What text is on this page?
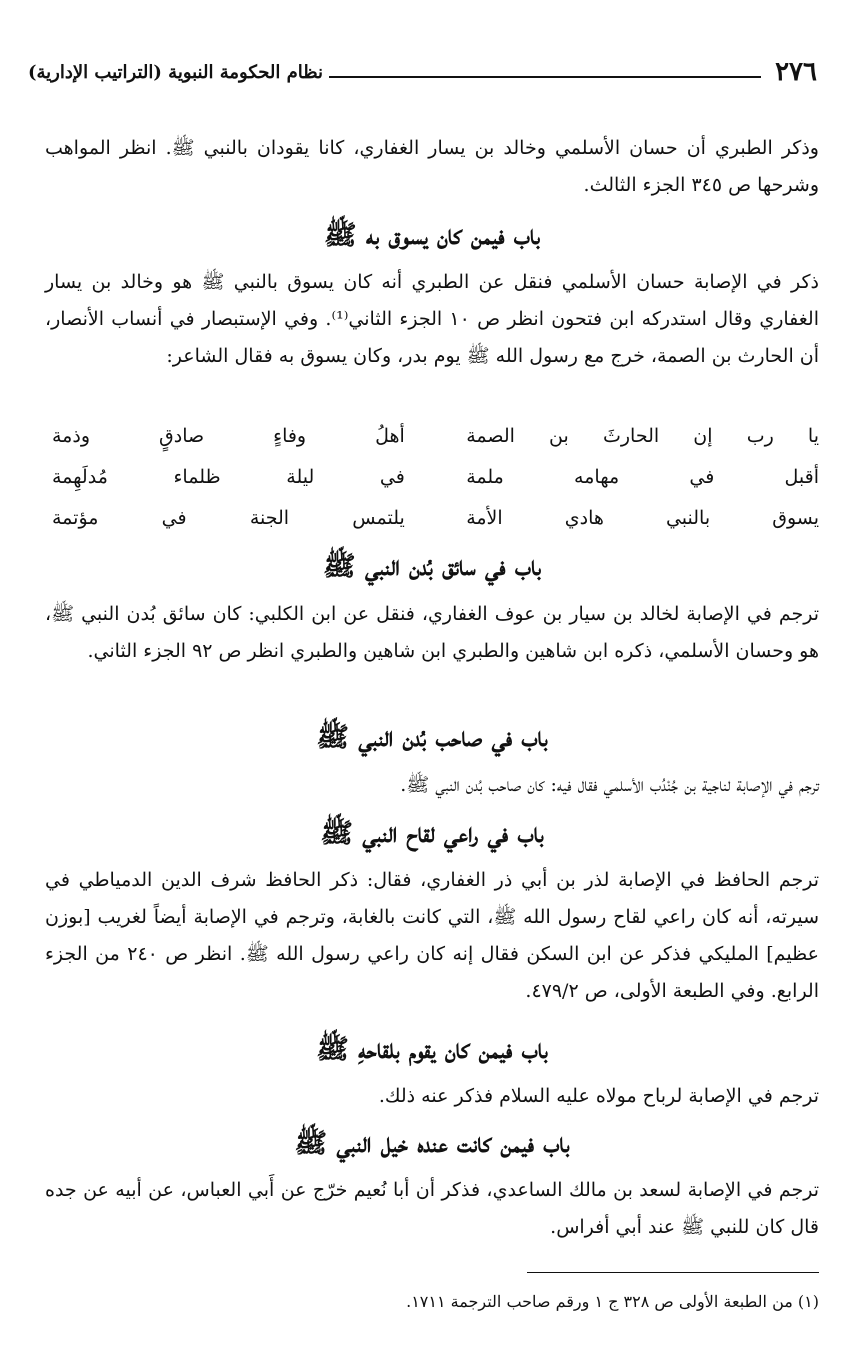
٢٧٦
نظام الحكومة النبوية (التراتيب الإدارية)

وذكر الطبري أن حسان الأسلمي وخالد بن يسار الغفاري، كانا يقودان بالنبي ﷺ. انظر المواهب وشرحها ص ٣٤٥ الجزء الثالث.

باب فيمن كان يسوق به ﷺ

ذكر في الإصابة حسان الأسلمي فنقل عن الطبري أنه كان يسوق بالنبي ﷺ هو وخالد بن يسار الغفاري وقال استدركه ابن فتحون انظر ص ١٠ الجزء الثاني⁽¹⁾. وفي الإستبصار في أنساب الأنصار، أن الحارث بن الصمة، خرج مع رسول الله ﷺ يوم بدر، وكان يسوق به فقال الشاعر:

يا رب إن الحارثَ بن الصمة
أهلُ وفاءٍ صادقٍ وذمة
أقبل في مهامه ملمة
في ليلة ظلماء مُدلَهِمة
يسوق بالنبي هادي الأمة
يلتمس الجنة في مؤتمة
باب في سائق بُدن النبي ﷺ

ترجم في الإصابة لخالد بن سيار بن عوف الغفاري، فنقل عن ابن الكلبي: كان سائق بُدن النبي ﷺ، هو وحسان الأسلمي، ذكره ابن شاهين والطبري ابن شاهين والطبري انظر ص ٩٢ الجزء الثاني.

باب في صاحب بُدن النبي ﷺ

ترجم في الإصابة لناجية بن جُنْدُب الأسلمي فقال فيه: كان صاحب بُدن النبي ﷺ.

باب في راعي لقاح النبي ﷺ

ترجم الحافظ في الإصابة لذر بن أبي ذر الغفاري، فقال: ذكر الحافظ شرف الدين الدمياطي في سيرته، أنه كان راعي لقاح رسول الله ﷺ، التي كانت بالغابة، وترجم في الإصابة أيضاً لغريب [بوزن عظيم] المليكي فذكر عن ابن السكن فقال إنه كان راعي رسول الله ﷺ. انظر ص ٢٤٠ من الجزء الرابع. وفي الطبعة الأولى، ص ٤٧٩/٢.

باب فيمن كان يقوم بلقاحهِ ﷺ

ترجم في الإصابة لرباح مولاه عليه السلام فذكر عنه ذلك.

باب فيمن كانت عنده خيل النبي ﷺ

ترجم في الإصابة لسعد بن مالك الساعدي، فذكر أن أبا نُعيم خرّج عن أَبي العباس، عن أبيه عن جده قال كان للنبي ﷺ عند أبي أفراس.

(١) من الطبعة الأولى ص ٣٢٨ ج ١ ورقم صاحب الترجمة ١٧١١.
